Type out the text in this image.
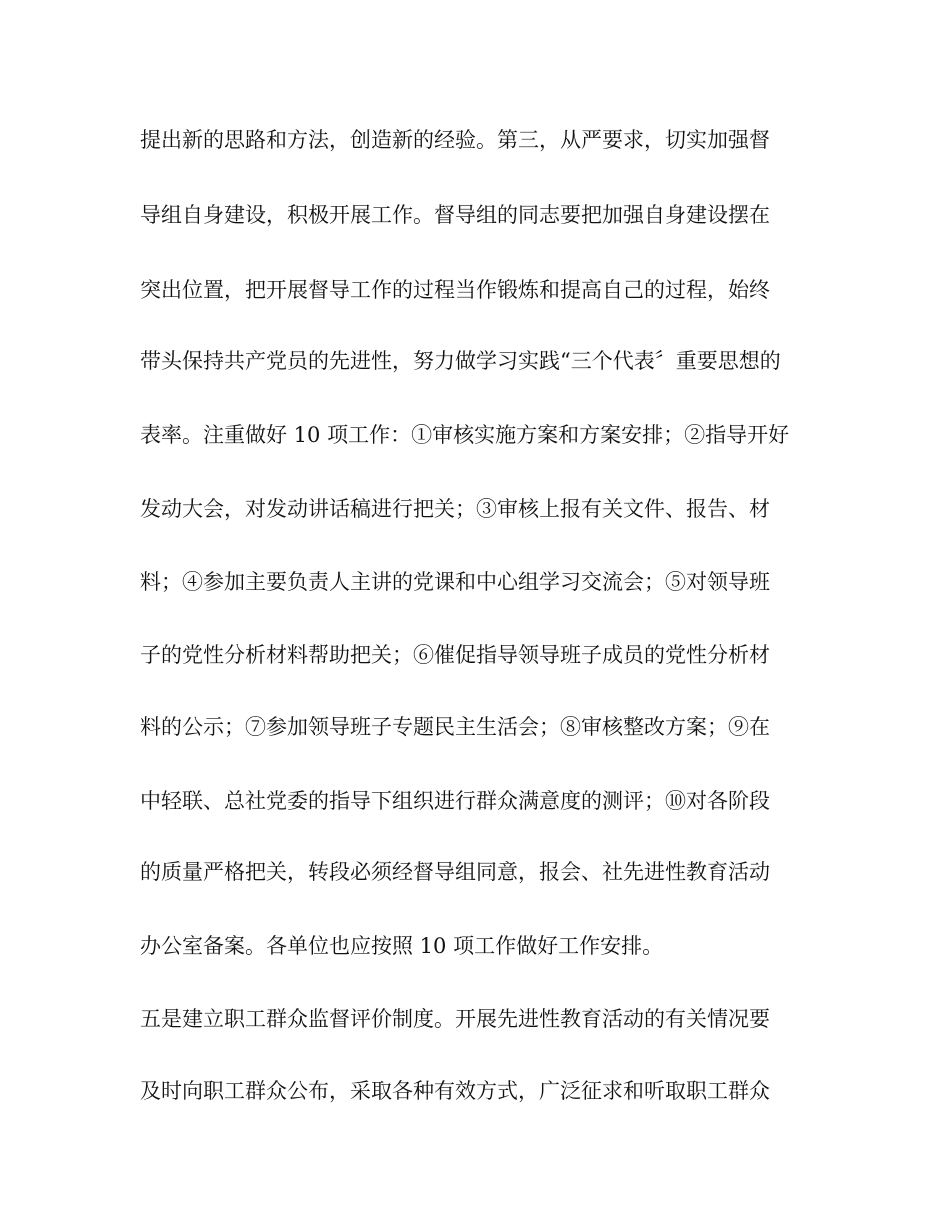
提出新的思路和方法，创造新的经验。第三，从严要求，切实加强督

导组自身建设，积极开展工作。督导组的同志要把加强自身建设摆在

突出位置，把开展督导工作的过程当作锻炼和提高自己的过程，始终

带头保持共产党员的先进性，努力做学习实践“三个代表〞重要思想的

表率。注重做好 10 项工作：①审核实施方案和方案安排；②指导开好

发动大会，对发动讲话稿进行把关；③审核上报有关文件、报告、材

料；④参加主要负责人主讲的党课和中心组学习交流会；⑤对领导班

子的党性分析材料帮助把关；⑥催促指导领导班子成员的党性分析材

料的公示；⑦参加领导班子专题民主生活会；⑧审核整改方案；⑨在

中轻联、总社党委的指导下组织进行群众满意度的测评；⑩对各阶段

的质量严格把关，转段必须经督导组同意，报会、社先进性教育活动

办公室备案。各单位也应按照 10 项工作做好工作安排。

五是建立职工群众监督评价制度。开展先进性教育活动的有关情况要

及时向职工群众公布，采取各种有效方式，广泛征求和听取职工群众
